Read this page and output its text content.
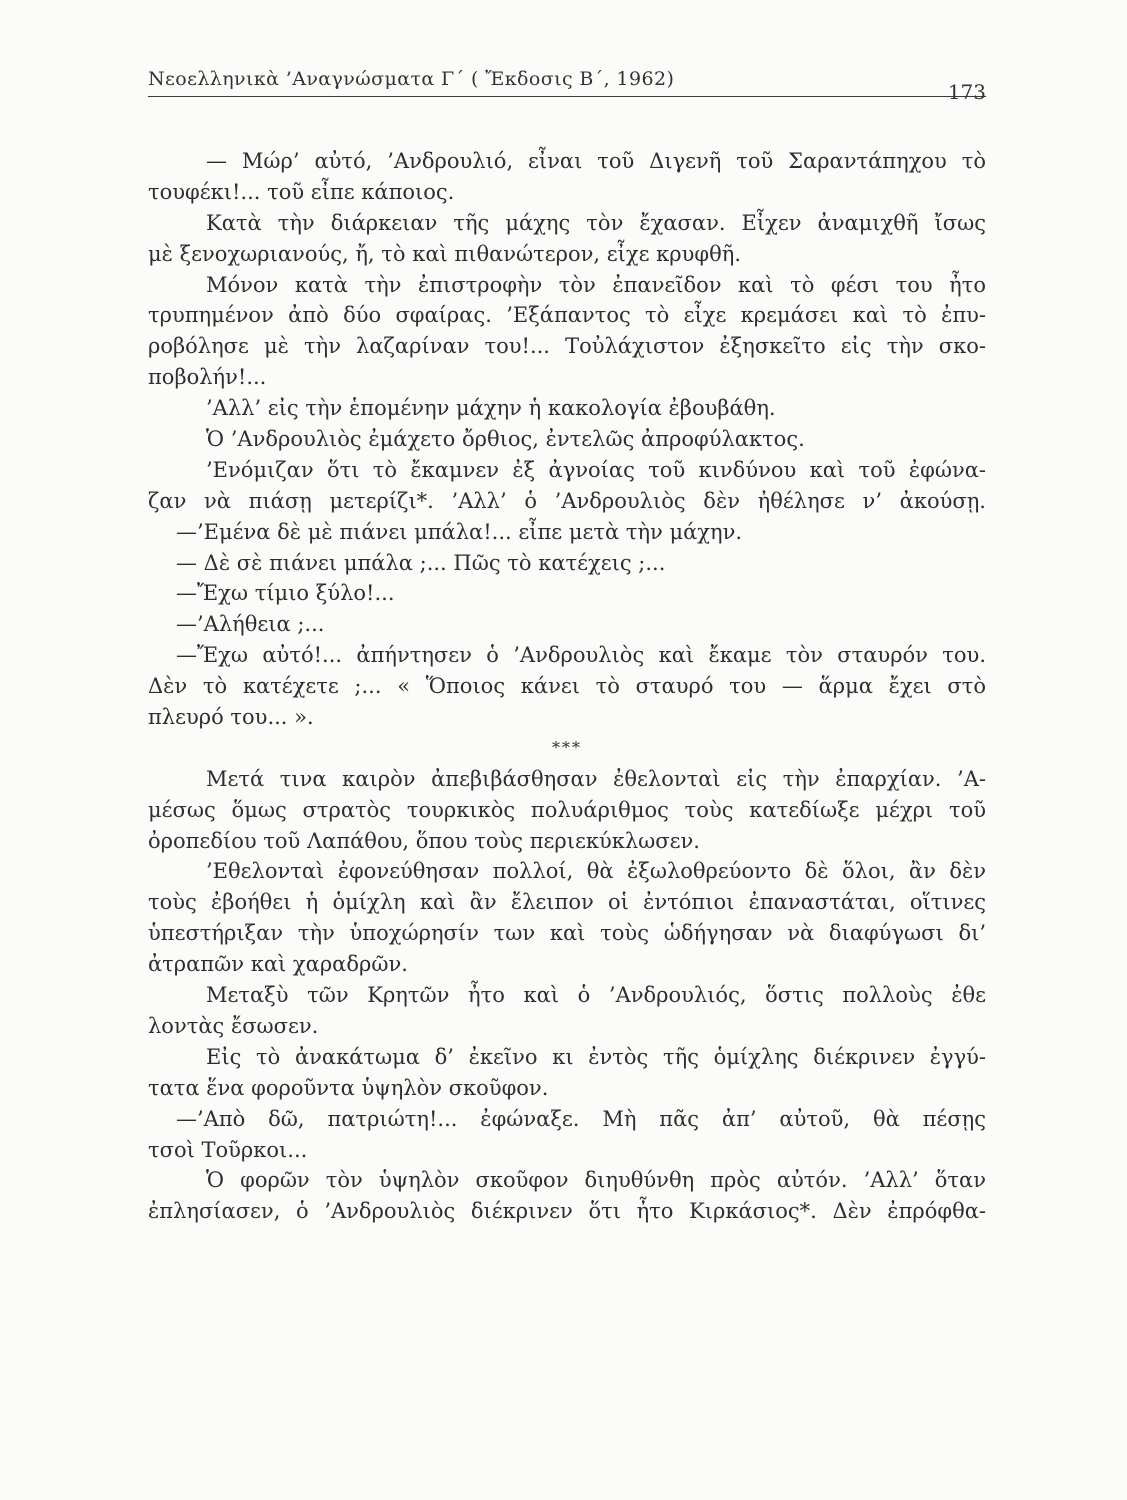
Νεοελληνικὰ ’Αναγνώσματα Γ΄ ( Ἔκδοσις Β΄, 1962)
173
— Μώρ’ αὐτό, ’Ανδρουλιό, εἶναι τοῦ Διγενῆ τοῦ Σαραντάπηχου τὸ
τουφέκι!... τοῦ εἶπε κάποιος.
Κατὰ τὴν διάρκειαν τῆς μάχης τὸν ἔχασαν. Εἶχεν ἀναμιχθῆ ἴσως
μὲ ξενοχωριανούς, ἤ, τὸ καὶ πιθανώτερον, εἶχε κρυφθῆ.
Μόνον κατὰ τὴν ἐπιστροφὴν τὸν ἐπανεῖδον καὶ τὸ φέσι του ἦτο
τρυπημένον ἀπὸ δύο σφαίρας. ’Εξάπαντος τὸ εἶχε κρεμάσει καὶ τὸ ἐπυ-
ροβόλησε μὲ τὴν λαζαρίναν του!... Τοὐλάχιστον ἐξησκεῖτο εἰς τὴν σκο-
ποβολήν!...
’Αλλ’ εἰς τὴν ἑπομένην μάχην ἡ κακολογία ἐβουβάθη.
Ὁ ’Ανδρουλιὸς ἐμάχετο ὄρθιος, ἐντελῶς ἀπροφύλακτος.
’Ενόμιζαν ὅτι τὸ ἔκαμνεν ἐξ ἀγνοίας τοῦ κινδύνου καὶ τοῦ ἐφώνα-
ζαν νὰ πιάσῃ μετερίζι*. ’Αλλ’ ὁ ’Ανδρουλιὸς δὲν ἠθέλησε ν’ ἀκούσῃ.
—’Εμένα δὲ μὲ πιάνει μπάλα!... εἶπε μετὰ τὴν μάχην.
— Δὲ σὲ πιάνει μπάλα ;... Πῶς τὸ κατέχεις ;...
—Ἔχω τίμιο ξύλο!...
—’Αλήθεια ;...
—Ἔχω αὐτό!... ἀπήντησεν ὁ ’Ανδρουλιὸς καὶ ἔκαμε τὸν σταυρόν του.
Δὲν τὸ κατέχετε ;... « Ὅποιος κάνει τὸ σταυρό του — ἅρμα ἔχει στὸ
πλευρό του... ».
***
Μετά τινα καιρὸν ἀπεβιβάσθησαν ἐθελονταὶ εἰς τὴν ἐπαρχίαν. ’Α-
μέσως ὅμως στρατὸς τουρκικὸς πολυάριθμος τοὺς κατεδίωξε μέχρι τοῦ
ὀροπεδίου τοῦ Λαπάθου, ὅπου τοὺς περιεκύκλωσεν.
’Εθελονταὶ ἐφονεύθησαν πολλοί, θὰ ἐξωλοθρεύοντο δὲ ὅλοι, ἂν δὲν
τοὺς ἐβοήθει ἡ ὁμίχλη καὶ ἂν ἔλειπον οἱ ἐντόπιοι ἐπαναστάται, οἵτινες
ὑπεστήριξαν τὴν ὑποχώρησίν των καὶ τοὺς ὡδήγησαν νὰ διαφύγωσι δι’
ἀτραπῶν καὶ χαραδρῶν.
Μεταξὺ τῶν Κρητῶν ἦτο καὶ ὁ ’Ανδρουλιός, ὅστις πολλοὺς ἐθε
λοντὰς ἔσωσεν.
Εἰς τὸ ἀνακάτωμα δ’ ἐκεῖνο κι ἐντὸς τῆς ὁμίχλης διέκρινεν ἐγγύ-
τατα ἕνα φοροῦντα ὑψηλὸν σκοῦφον.
—’Απὸ δῶ, πατριώτη!... ἐφώναξε. Μὴ πᾶς ἀπ’ αὐτοῦ, θὰ πέσῃς
τσοὶ Τοῦρκοι...
Ὁ φορῶν τὸν ὑψηλὸν σκοῦφον διηυθύνθη πρὸς αὐτόν. ’Αλλ’ ὅταν
ἐπλησίασεν, ὁ ’Ανδρουλιὸς διέκρινεν ὅτι ἦτο Κιρκάσιος*. Δὲν ἐπρόφθα-
